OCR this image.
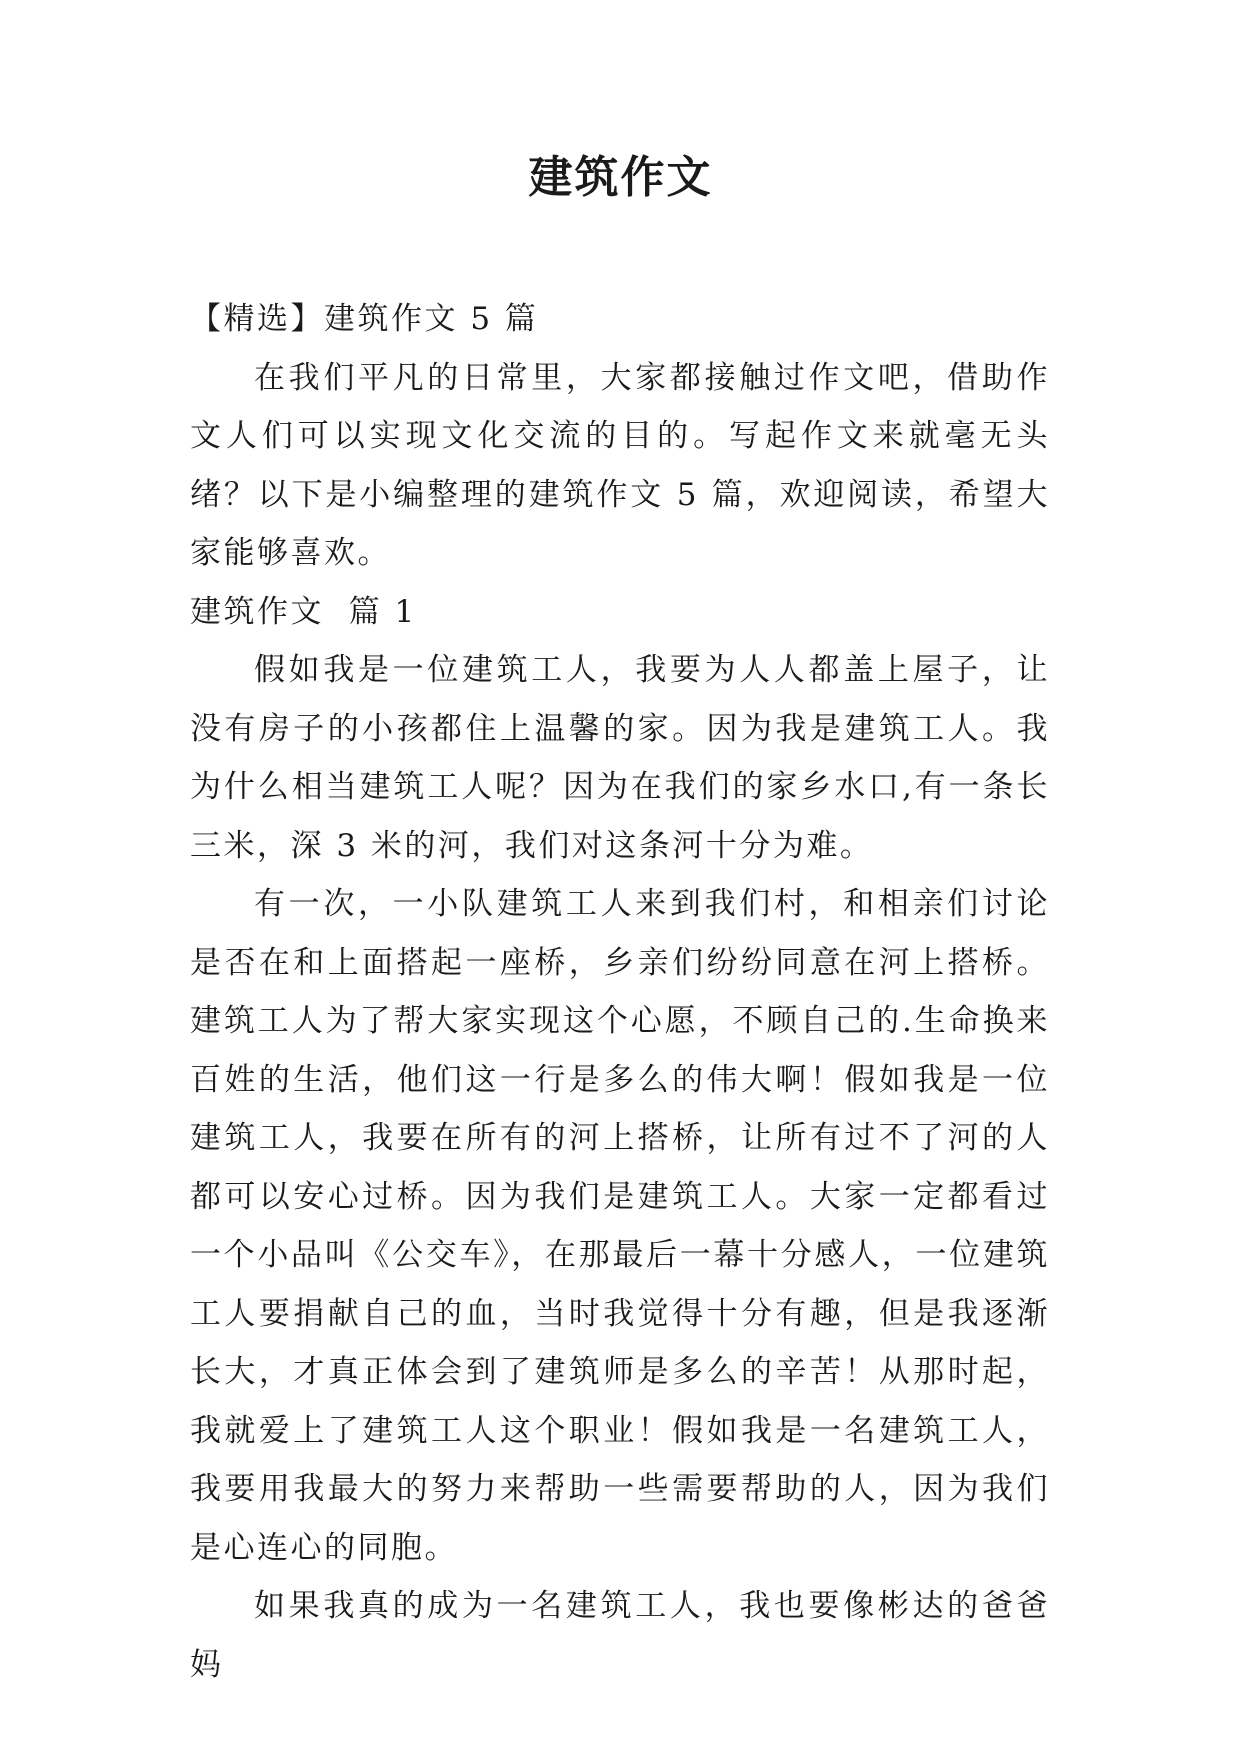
建筑作文

【精选】建筑作文 5 篇

在我们平凡的日常里，大家都接触过作文吧，借助作文人们可以实现文化交流的目的。写起作文来就毫无头绪？以下是小编整理的建筑作文 5 篇，欢迎阅读，希望大家能够喜欢。

建筑作文  篇 1

假如我是一位建筑工人，我要为人人都盖上屋子，让没有房子的小孩都住上温馨的家。因为我是建筑工人。我为什么相当建筑工人呢？因为在我们的家乡水口,有一条长三米，深 3 米的河，我们对这条河十分为难。

有一次，一小队建筑工人来到我们村，和相亲们讨论是否在和上面搭起一座桥，乡亲们纷纷同意在河上搭桥。建筑工人为了帮大家实现这个心愿，不顾自己的.生命换来百姓的生活，他们这一行是多么的伟大啊！假如我是一位建筑工人，我要在所有的河上搭桥，让所有过不了河的人都可以安心过桥。因为我们是建筑工人。大家一定都看过一个小品叫《公交车》，在那最后一幕十分感人，一位建筑工人要捐献自己的血，当时我觉得十分有趣，但是我逐渐长大，才真正体会到了建筑师是多么的辛苦！从那时起，我就爱上了建筑工人这个职业！假如我是一名建筑工人，我要用我最大的努力来帮助一些需要帮助的人，因为我们是心连心的同胞。

如果我真的成为一名建筑工人，我也要像彬达的爸爸妈
